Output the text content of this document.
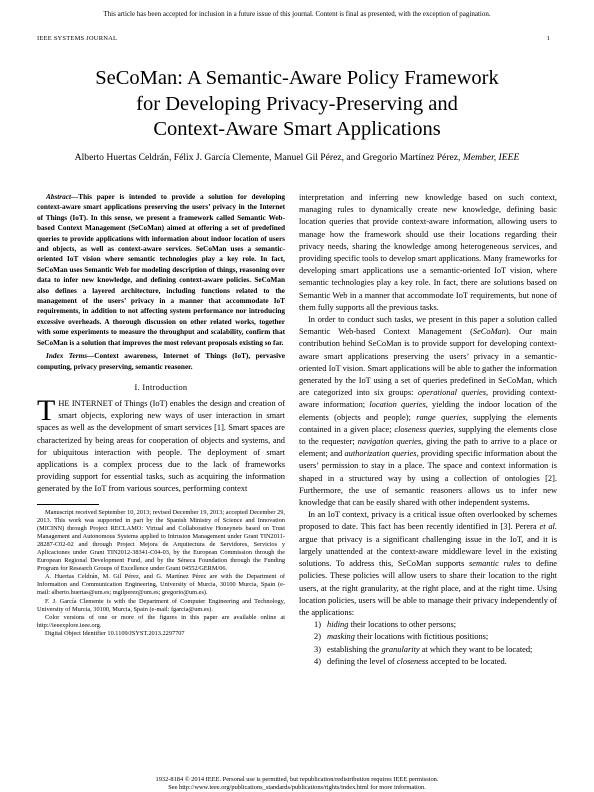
This article has been accepted for inclusion in a future issue of this journal. Content is final as presented, with the exception of pagination.
IEEE SYSTEMS JOURNAL	1
SeCoMan: A Semantic-Aware Policy Framework
for Developing Privacy-Preserving and
Context-Aware Smart Applications
Alberto Huertas Celdrán, Félix J. García Clemente, Manuel Gil Pérez, and Gregorio Martínez Pérez, Member, IEEE

Abstract—This paper is intended to provide a solution for developing context-aware smart applications preserving the users’ privacy in the Internet of Things (IoT). In this sense, we present a framework called Semantic Web-based Context Management (SeCoMan) aimed at offering a set of predefined queries to provide applications with information about indoor location of users and objects, as well as context-aware services. SeCoMan uses a semantic-oriented IoT vision where semantic technologies play a key role. In fact, SeCoMan uses Semantic Web for modeling description of things, reasoning over data to infer new knowledge, and defining context-aware policies. SeCoMan also defines a layered architecture, including functions related to the management of the users’ privacy in a manner that accommodate IoT requirements, in addition to not affecting system performance nor introducing excessive overheads. A thorough discussion on other related works, together with some experiments to measure the throughput and scalability, confirm that SeCoMan is a solution that improves the most relevant proposals existing so far.

Index Terms—Context awareness, Internet of Things (IoT), pervasive computing, privacy preserving, semantic reasoner.

I. Introduction

THE INTERNET of Things (IoT) enables the design and creation of smart objects, exploring new ways of user interaction in smart spaces as well as the development of smart services [1]. Smart spaces are characterized by being areas for cooperation of objects and systems, and for ubiquitous interaction with people. The deployment of smart applications is a complex process due to the lack of frameworks providing support for essential tasks, such as acquiring the information generated by the IoT from various sources, performing context

Manuscript received September 10, 2013; revised December 19, 2013; accepted December 29, 2013. This work was supported in part by the Spanish Ministry of Science and Innovation (MICINN) through Project RECLAMO: Virtual and Collaborative Honeynets based on Trust Management and Autonomous Systems applied to Intrusion Management under Grant TIN2011-28287-C02-02 and through Project Mejora de Arquitectura de Servidores, Servicios y Aplicaciones under Grant TIN2012-38341-C04-03, by the European Commission through the European Regional Development Fund, and by the Séneca Foundation through the Funding Program for Research Groups of Excellence under Grant 04552/GERM/06.

A. Huertas Celdrán, M. Gil Pérez, and G. Martínez Pérez are with the Department of Information and Communication Engineering, University of Murcia, 30100 Murcia, Spain (e-mail: alberto.huertas@um.es; mgilperez@um.es; gregorio@um.es).

F. J. García Clemente is with the Department of Computer Engineering and Technology, University of Murcia, 30100, Murcia, Spain (e-mail: fgarcia@um.es).

Color versions of one or more of the figures in this paper are available online at http://ieeexplore.ieee.org.

Digital Object Identifier 10.1109/JSYST.2013.2297707

interpretation and inferring new knowledge based on such context, managing rules to dynamically create new knowledge, defining basic location queries that provide context-aware information, allowing users to manage how the framework should use their locations regarding their privacy needs, sharing the knowledge among heterogeneous services, and providing specific tools to develop smart applications. Many frameworks for developing smart applications use a semantic-oriented IoT vision, where semantic technologies play a key role. In fact, there are solutions based on Semantic Web in a manner that accommodate IoT requirements, but none of them fully supports all the previous tasks.

In order to conduct such tasks, we present in this paper a solution called Semantic Web-based Context Management (SeCoMan). Our main contribution behind SeCoMan is to provide support for developing context-aware smart applications preserving the users’ privacy in a semantic-oriented IoT vision. Smart applications will be able to gather the information generated by the IoT using a set of queries predefined in SeCoMan, which are categorized into six groups: operational queries, providing context-aware information; location queries, yielding the indoor location of the elements (objects and people); range queries, supplying the elements contained in a given place; closeness queries, supplying the elements close to the requester; navigation queries, giving the path to arrive to a place or element; and authorization queries, providing specific information about the users’ permission to stay in a place. The space and context information is shaped in a structured way by using a collection of ontologies [2]. Furthermore, the use of semantic reasoners allows us to infer new knowledge that can be easily shared with other independent systems.

In an IoT context, privacy is a critical issue often overlooked by schemes proposed to date. This fact has been recently identified in [3]. Perera et al. argue that privacy is a significant challenging issue in the IoT, and it is largely unattended at the context-aware middleware level in the existing solutions. To address this, SeCoMan supports semantic rules to define policies. These policies will allow users to share their location to the right users, at the right granularity, at the right place, and at the right time. Using location policies, users will be able to manage their privacy independently of the applications:

1) hiding their locations to other persons;
2) masking their locations with fictitious positions;
3) establishing the granularity at which they want to be located;
4) defining the level of closeness accepted to be located.
1932-8184 © 2014 IEEE. Personal use is permitted, but republication/redistribution requires IEEE permission.
See http://www.ieee.org/publications_standards/publications/rights/index.html for more information.
